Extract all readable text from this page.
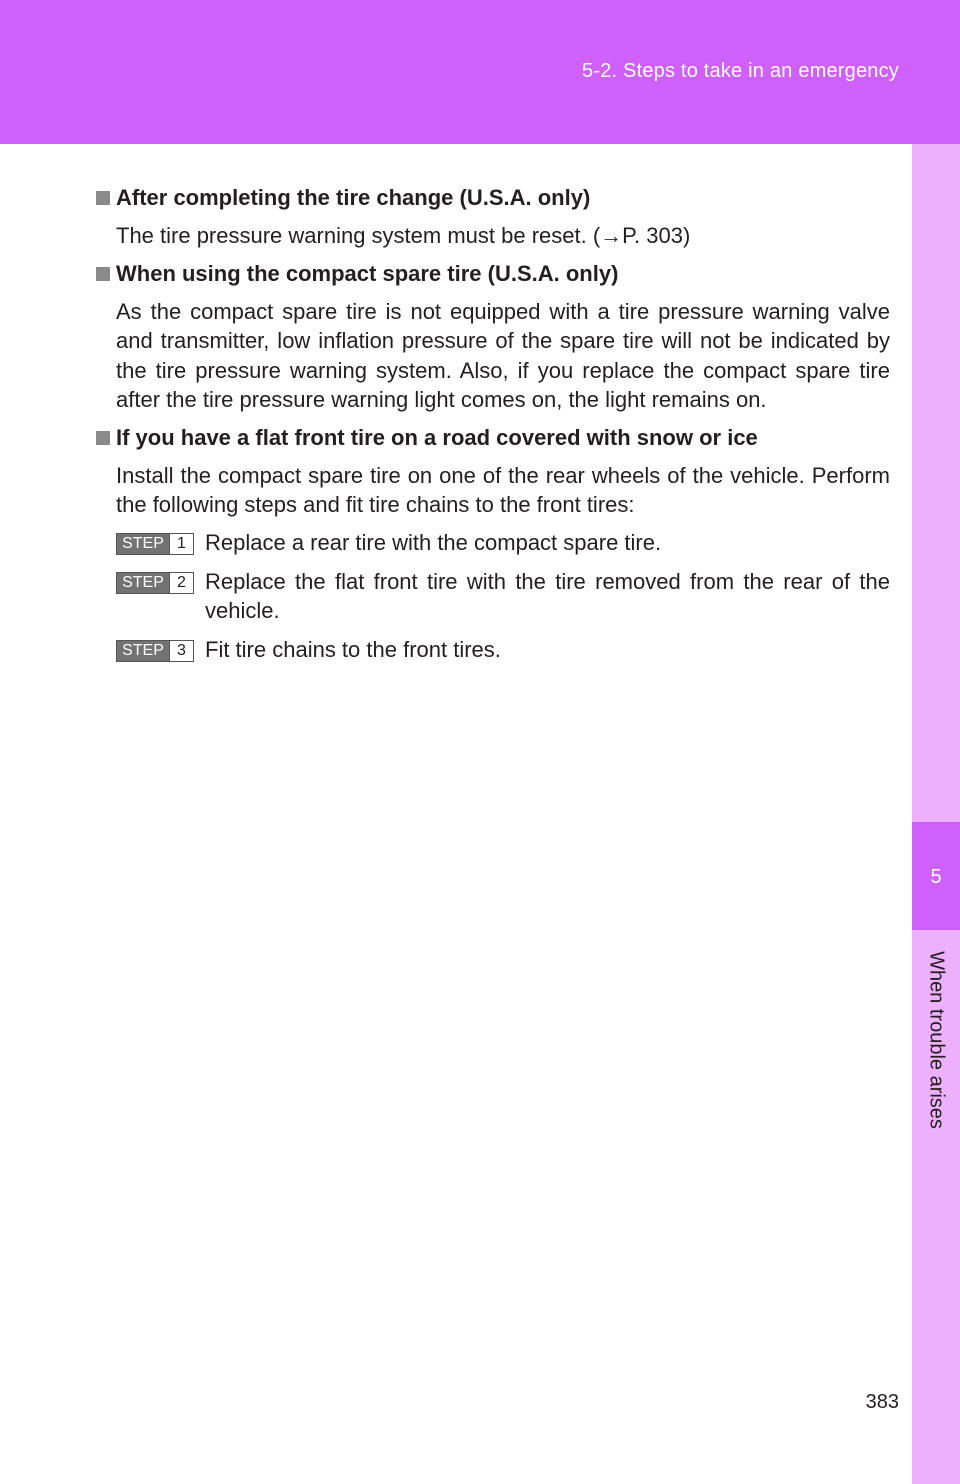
5-2. Steps to take in an emergency
5
When trouble arises
After completing the tire change (U.S.A. only)

The tire pressure warning system must be reset. (→P. 303)

When using the compact spare tire (U.S.A. only)

As the compact spare tire is not equipped with a tire pressure warning valve and transmitter, low inflation pressure of the spare tire will not be indicated by the tire pressure warning system. Also, if you replace the compact spare tire after the tire pressure warning light comes on, the light remains on.

If you have a flat front tire on a road covered with snow or ice

Install the compact spare tire on one of the rear wheels of the vehicle. Perform the following steps and fit tire chains to the front tires:

STEP 1 Replace a rear tire with the compact spare tire.
STEP 2 Replace the flat front tire with the tire removed from the rear of the vehicle.
STEP 3 Fit tire chains to the front tires.
383
